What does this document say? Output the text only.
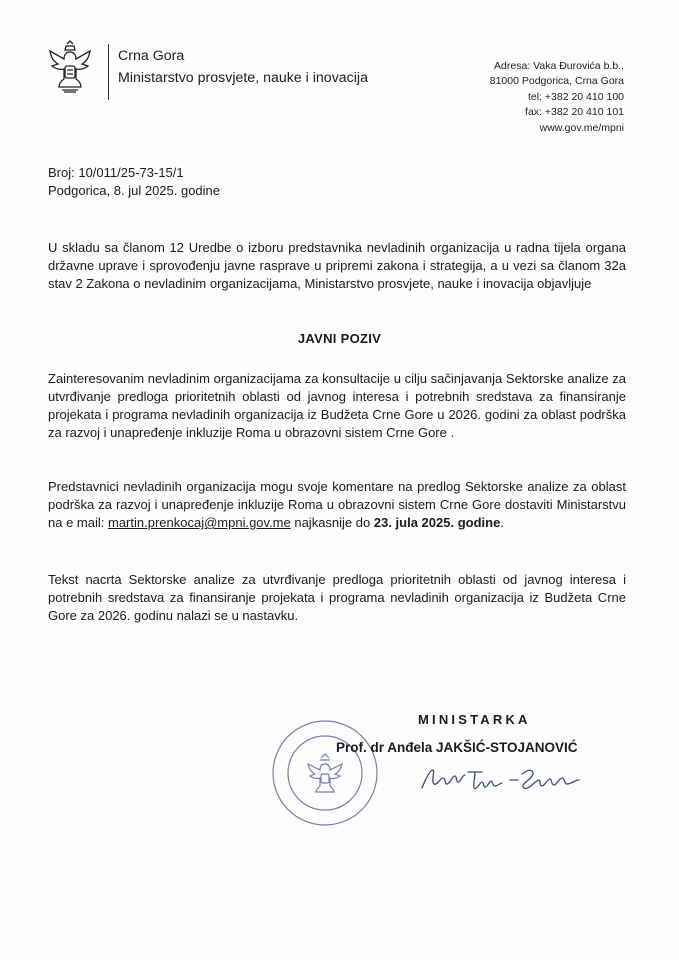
Crna Gora
Ministarstvo prosvjete, nauke i inovacija
Adresa: Vaka Đurovića b.b.,
81000 Podgorica, Crna Gora
tel: +382 20 410 100
fax: +382 20 410 101
www.gov.me/mpni
Broj: 10/011/25-73-15/1
Podgorica, 8. jul 2025. godine
U skladu sa članom 12 Uredbe o izboru predstavnika nevladinih organizacija u radna tijela organa državne uprave i sprovođenju javne rasprave u pripremi zakona i strategija, a u vezi sa članom 32a stav 2 Zakona o nevladinim organizacijama, Ministarstvo prosvjete, nauke i inovacija objavljuje
JAVNI POZIV
Zainteresovanim nevladinim organizacijama za konsultacije u cilju sačinjavanja Sektorske analize za utvrđivanje predloga prioritetnih oblasti od javnog interesa i potrebnih sredstava za finansiranje projekata i programa nevladinih organizacija iz Budžeta Crne Gore u 2026. godini za oblast podrška za razvoj i unapređenje inkluzije Roma u obrazovni sistem Crne Gore .
Predstavnici nevladinih organizacija mogu svoje komentare na predlog Sektorske analize za oblast podrška za razvoj i unapređenje inkluzije Roma u obrazovni sistem Crne Gore dostaviti Ministarstvu na e mail: martin.prenkocaj@mpni.gov.me najkasnije do 23. jula 2025. godine.
Tekst nacrta Sektorske analize za utvrđivanje predloga prioritetnih oblasti od javnog interesa i potrebnih sredstava za finansiranje projekata i programa nevladinih organizacija iz Budžeta Crne Gore za 2026. godinu nalazi se u nastavku.
MINISTARKA
Prof. dr Anđela JAKŠIĆ-STOJANOVIĆ
